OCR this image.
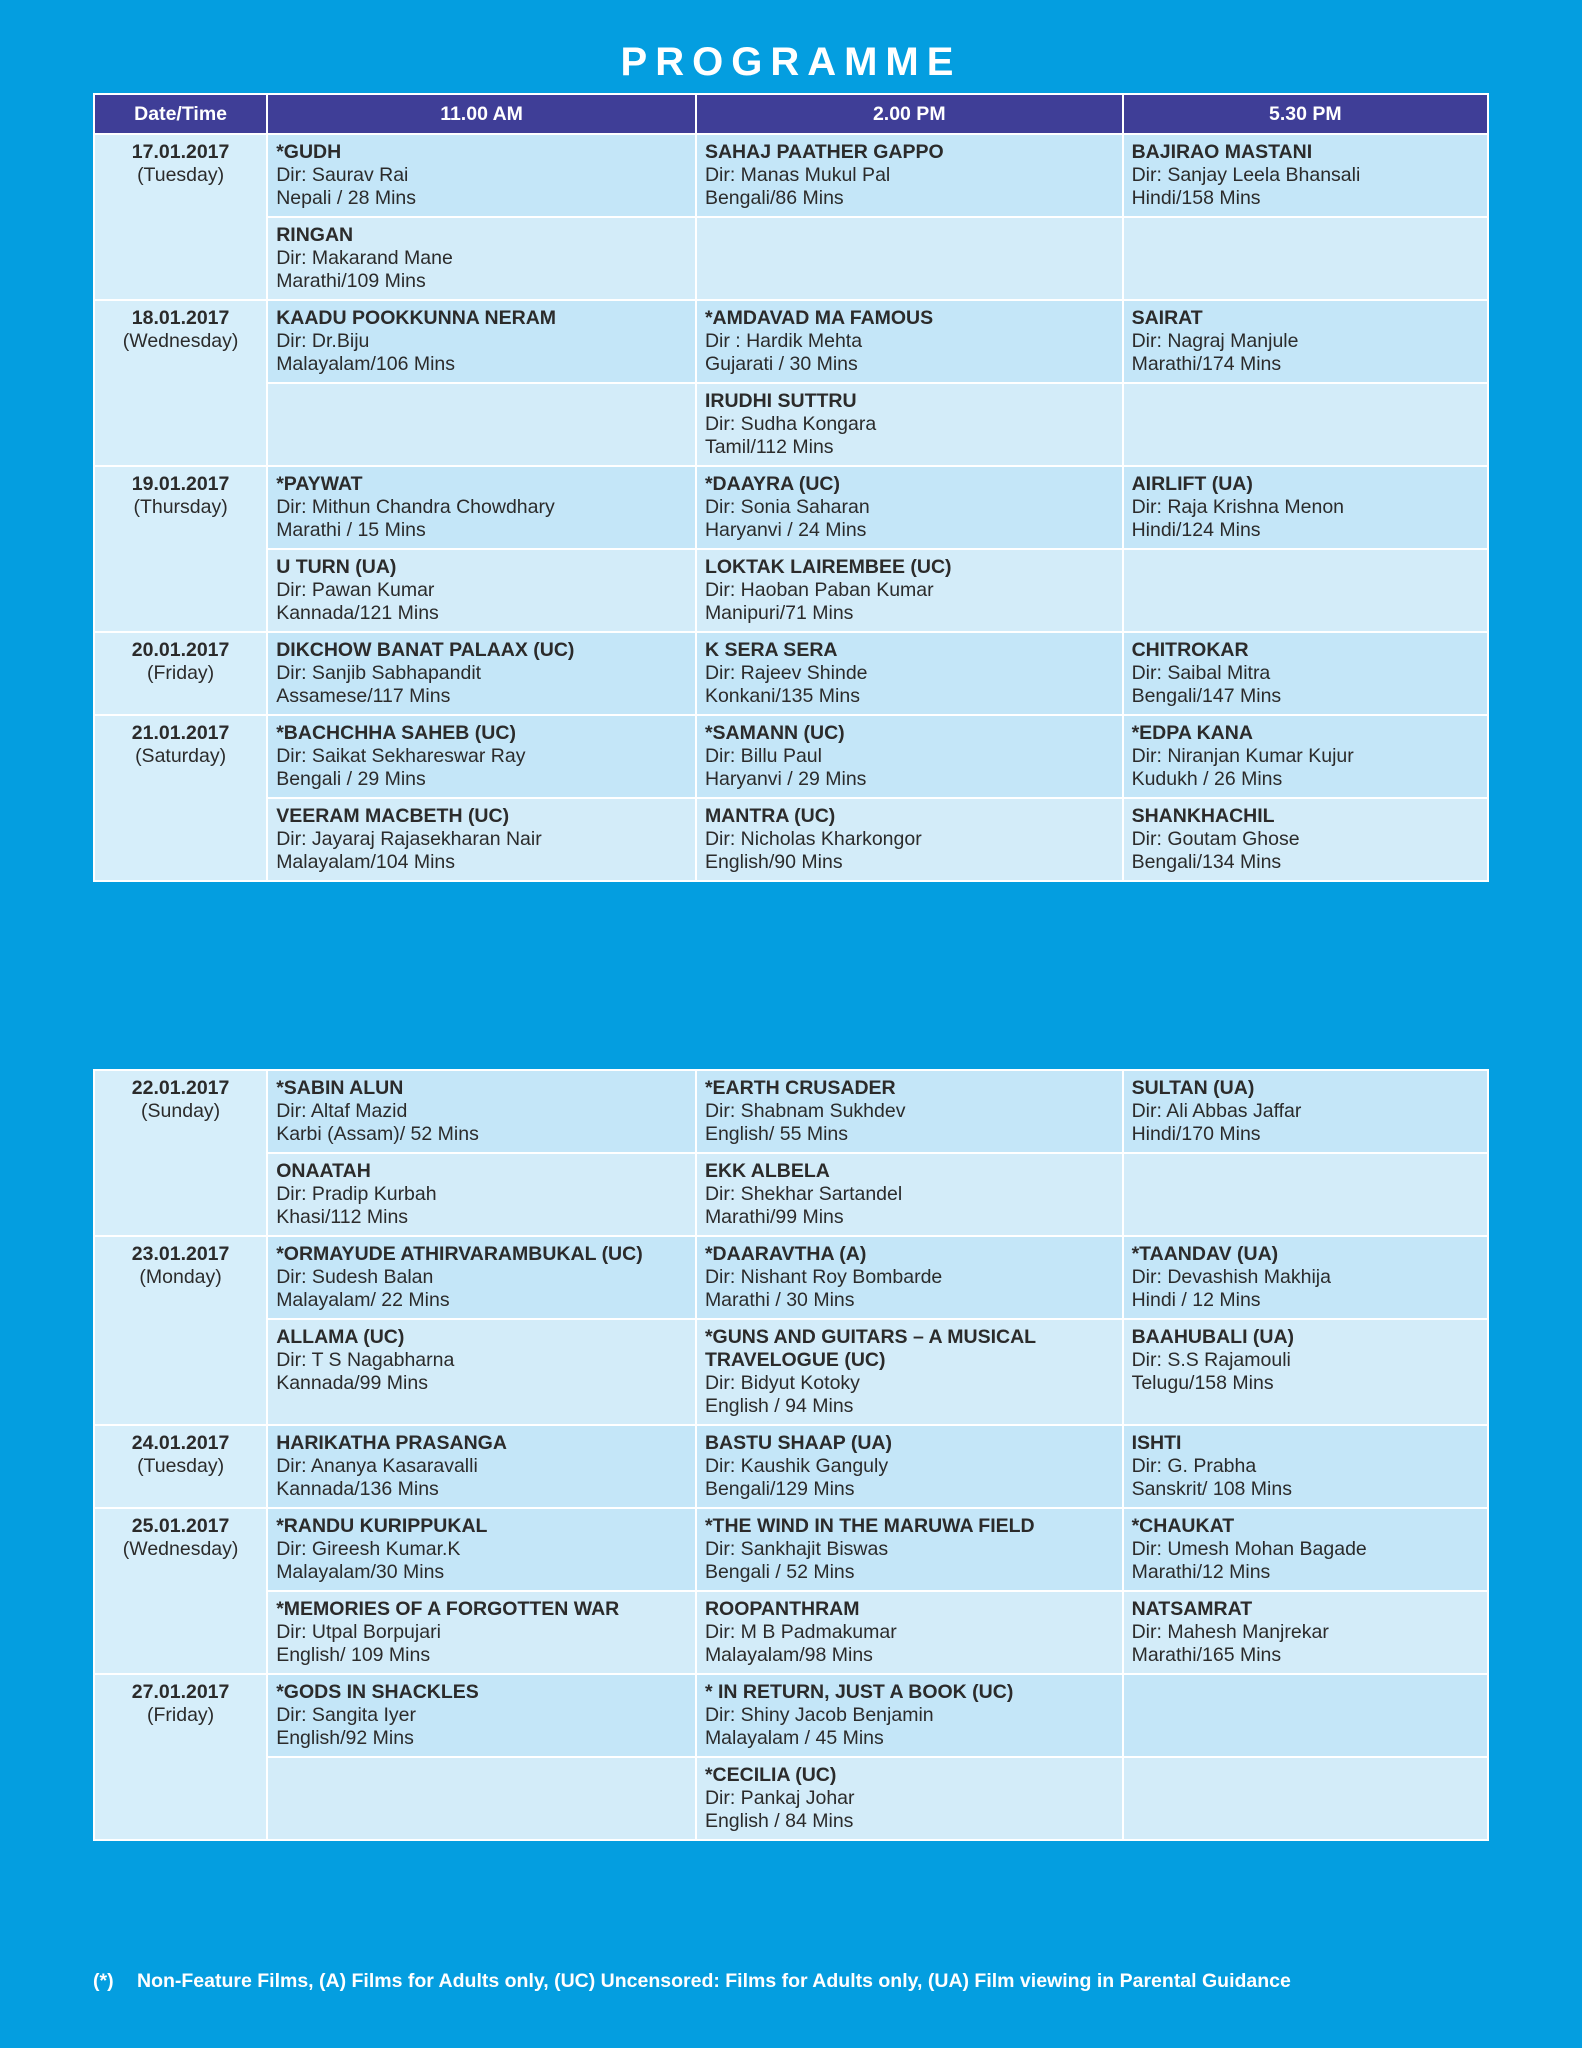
PROGRAMME
Date/Time	11.00 AM	2.00 PM	5.30 PM

17.01.2017
(Tuesday)	*GUDH
Dir: Saurav Rai
Nepali / 28 Mins	SAHAJ PAATHER GAPPO
Dir: Manas Mukul Pal
Bengali/86 Mins	BAJIRAO MASTANI
Dir: Sanjay Leela Bhansali
Hindi/158 Mins

	RINGAN
Dir: Makarand Mane
Marathi/109 Mins		

18.01.2017
(Wednesday)	KAADU POOKKUNNA NERAM
Dir: Dr.Biju
Malayalam/106 Mins	*AMDAVAD MA FAMOUS
Dir : Hardik Mehta
Gujarati / 30 Mins	SAIRAT
Dir: Nagraj Manjule
Marathi/174 Mins

		IRUDHI SUTTRU
Dir: Sudha Kongara
Tamil/112 Mins	

19.01.2017
(Thursday)	*PAYWAT
Dir: Mithun Chandra Chowdhary
Marathi / 15 Mins	*DAAYRA (UC)
Dir: Sonia Saharan
Haryanvi / 24 Mins	AIRLIFT (UA)
Dir: Raja Krishna Menon
Hindi/124 Mins

	U TURN (UA)
Dir: Pawan Kumar
Kannada/121 Mins	LOKTAK LAIREMBEE (UC)
Dir: Haoban Paban Kumar
Manipuri/71 Mins	

20.01.2017
(Friday)	DIKCHOW BANAT PALAAX (UC)
Dir: Sanjib Sabhapandit
Assamese/117 Mins	K SERA SERA
Dir: Rajeev Shinde
Konkani/135 Mins	CHITROKAR
Dir: Saibal Mitra
Bengali/147 Mins

21.01.2017
(Saturday)	*BACHCHHA SAHEB (UC)
Dir: Saikat Sekhareswar Ray
Bengali / 29 Mins	*SAMANN (UC)
Dir: Billu Paul
Haryanvi / 29 Mins	*EDPA KANA
Dir: Niranjan Kumar Kujur
Kudukh / 26 Mins

	VEERAM MACBETH (UC)
Dir: Jayaraj Rajasekharan Nair
Malayalam/104 Mins	MANTRA (UC)
Dir: Nicholas Kharkongor
English/90 Mins	SHANKHACHIL
Dir: Goutam Ghose
Bengali/134 Mins
22.01.2017
(Sunday)	*SABIN ALUN
Dir: Altaf Mazid
Karbi (Assam)/ 52 Mins	*EARTH CRUSADER
Dir: Shabnam Sukhdev
English/ 55 Mins	SULTAN (UA)
Dir: Ali Abbas Jaffar
Hindi/170 Mins

	ONAATAH
Dir: Pradip Kurbah
Khasi/112 Mins	EKK ALBELA
Dir: Shekhar Sartandel
Marathi/99 Mins	

23.01.2017
(Monday)	*ORMAYUDE ATHIRVARAMBUKAL (UC)
Dir: Sudesh Balan
Malayalam/ 22 Mins	*DAARAVTHA (A)
Dir: Nishant Roy Bombarde
Marathi / 30 Mins	*TAANDAV (UA)
Dir: Devashish Makhija
Hindi / 12 Mins

	ALLAMA (UC)
Dir: T S Nagabharna
Kannada/99 Mins	*GUNS AND GUITARS – A MUSICAL TRAVELOGUE (UC)
Dir: Bidyut Kotoky
English / 94 Mins	BAAHUBALI (UA)
Dir: S.S Rajamouli
Telugu/158 Mins

24.01.2017
(Tuesday)	HARIKATHA PRASANGA
Dir: Ananya Kasaravalli
Kannada/136 Mins	BASTU SHAAP (UA)
Dir: Kaushik Ganguly
Bengali/129 Mins	ISHTI
Dir: G. Prabha
Sanskrit/ 108 Mins

25.01.2017
(Wednesday)	*RANDU KURIPPUKAL
Dir: Gireesh Kumar.K
Malayalam/30 Mins	*THE WIND IN THE MARUWA FIELD
Dir: Sankhajit Biswas
Bengali / 52 Mins	*CHAUKAT
Dir: Umesh Mohan Bagade
Marathi/12 Mins

	*MEMORIES OF A FORGOTTEN WAR
Dir: Utpal Borpujari
English/ 109 Mins	ROOPANTHRAM
Dir: M B Padmakumar
Malayalam/98 Mins	NATSAMRAT
Dir: Mahesh Manjrekar
Marathi/165 Mins

27.01.2017
(Friday)	*GODS IN SHACKLES
Dir: Sangita Iyer
English/92 Mins	* IN RETURN, JUST A BOOK (UC)
Dir: Shiny Jacob Benjamin
Malayalam / 45 Mins	

		*CECILIA (UC)
Dir: Pankaj Johar
English / 84 Mins	

(*) Non-Feature Films, (A) Films for Adults only, (UC) Uncensored: Films for Adults only, (UA) Film viewing in Parental Guidance
